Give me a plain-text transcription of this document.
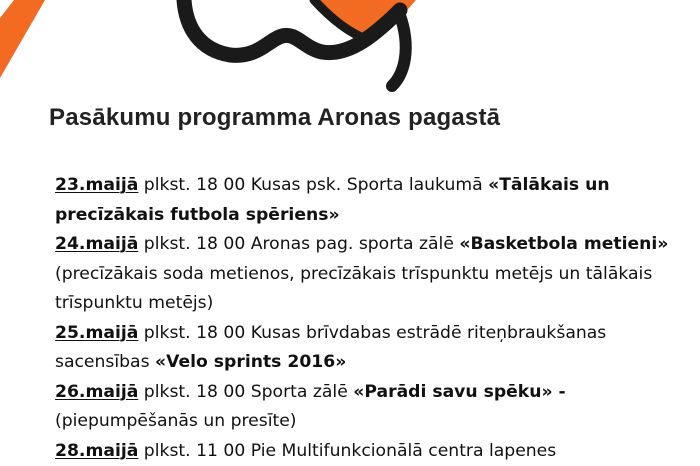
Pasākumu programma Aronas pagastā

23.maijā plkst. 18 00 Kusas psk. Sporta laukumā «Tālākais un precīzākais futbola spēriens»

24.maijā plkst. 18 00 Aronas pag. sporta zālē «Basketbola metieni» (precīzākais soda metienos, precīzākais trīspunktu metējs un tālākais trīspunktu metējs)

25.maijā plkst. 18 00 Kusas brīvdabas estrādē riteņbraukšanas sacensības «Velo sprints 2016»

26.maijā plkst. 18 00 Sporta zālē «Parādi savu spēku» - (piepumpēšanās un presīte)

28.maijā plkst. 11 00 Pie Multifunkcionālā centra lapenes
